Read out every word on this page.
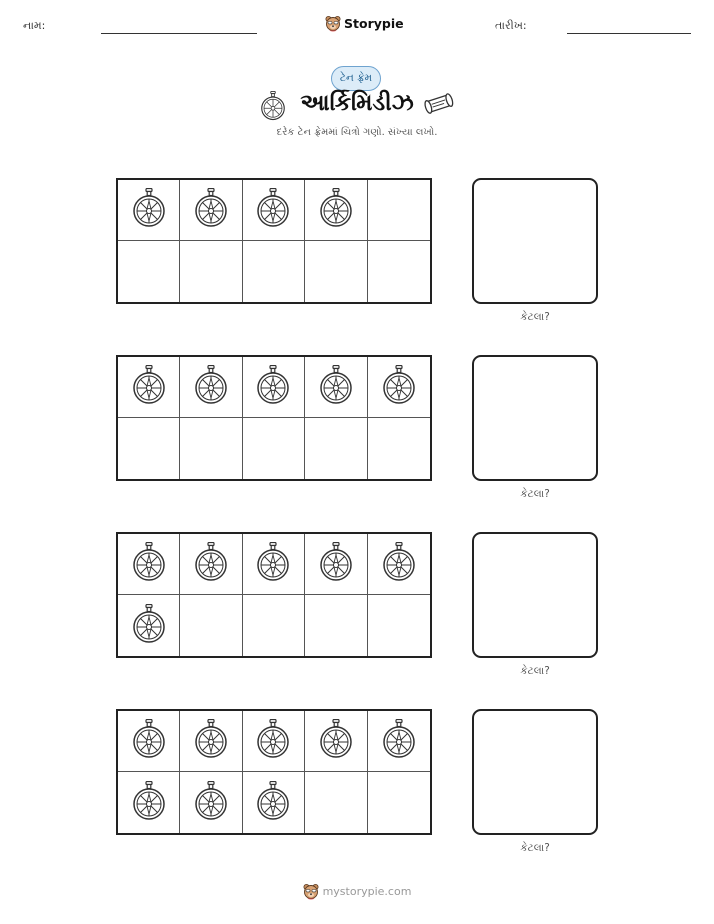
નામ:	Storypie	તારીખ:
ટેન ફ્રેમ
આર્કિમિડીઝ
દરેક ટેન ફ્રેમમાં ચિત્રો ગણો. સંખ્યા લખો.
કેટલા?
કેટલા?
કેટલા?
કેટલા?
mystorypie.com
